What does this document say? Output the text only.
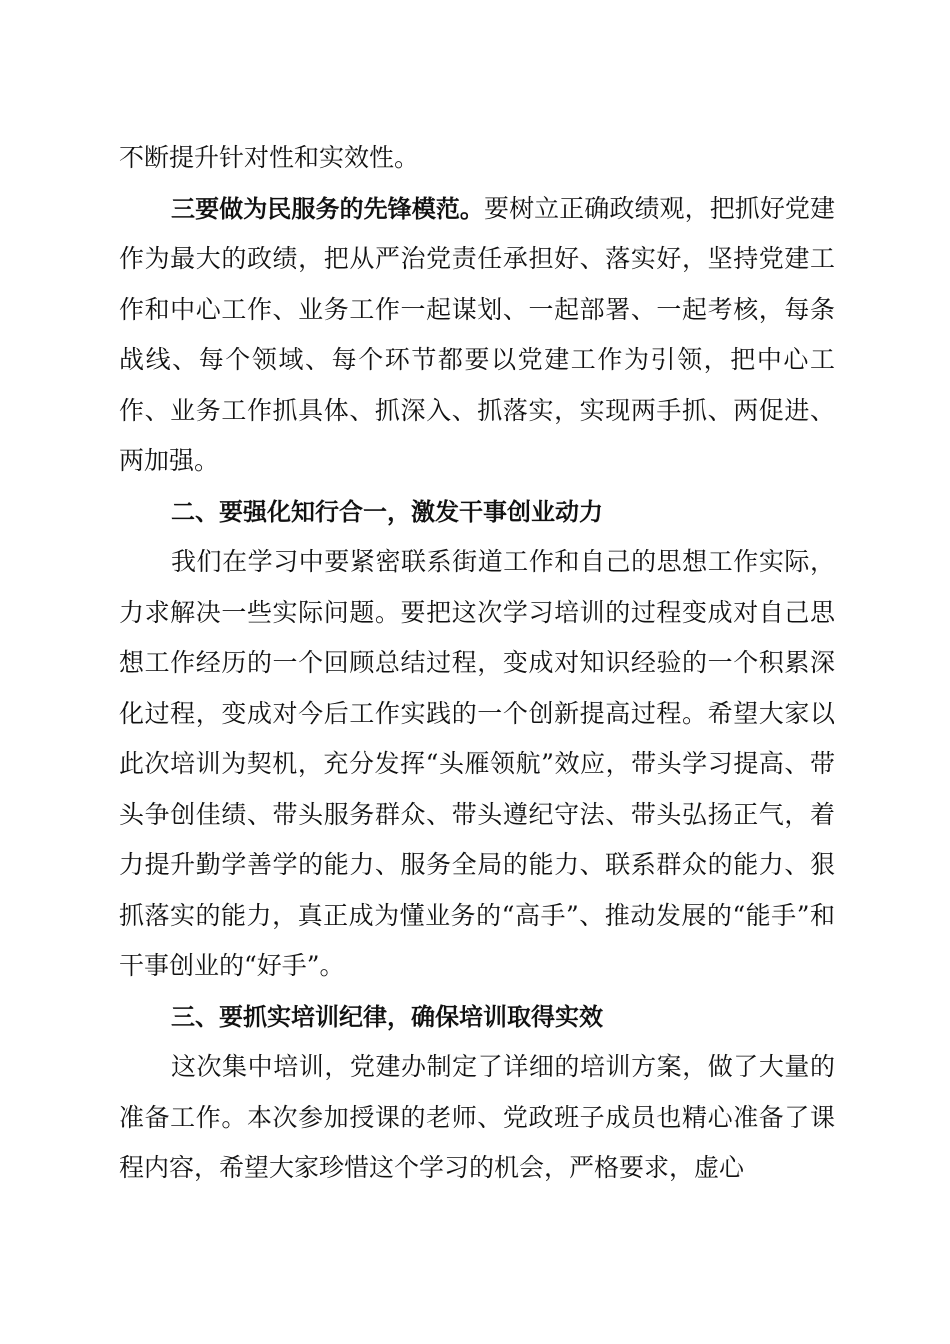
不断提升针对性和实效性。

三要做为民服务的先锋模范。要树立正确政绩观，把抓好党建作为最大的政绩，把从严治党责任承担好、落实好，坚持党建工作和中心工作、业务工作一起谋划、一起部署、一起考核，每条战线、每个领域、每个环节都要以党建工作为引领，把中心工作、业务工作抓具体、抓深入、抓落实，实现两手抓、两促进、两加强。

二、要强化知行合一，激发干事创业动力

我们在学习中要紧密联系街道工作和自己的思想工作实际，力求解决一些实际问题。要把这次学习培训的过程变成对自己思想工作经历的一个回顾总结过程，变成对知识经验的一个积累深化过程，变成对今后工作实践的一个创新提高过程。希望大家以此次培训为契机，充分发挥“头雁领航”效应，带头学习提高、带头争创佳绩、带头服务群众、带头遵纪守法、带头弘扬正气，着力提升勤学善学的能力、服务全局的能力、联系群众的能力、狠抓落实的能力，真正成为懂业务的“高手”、推动发展的“能手”和干事创业的“好手”。

三、要抓实培训纪律，确保培训取得实效

这次集中培训，党建办制定了详细的培训方案，做了大量的准备工作。本次参加授课的老师、党政班子成员也精心准备了课程内容，希望大家珍惜这个学习的机会，严格要求，虚心
